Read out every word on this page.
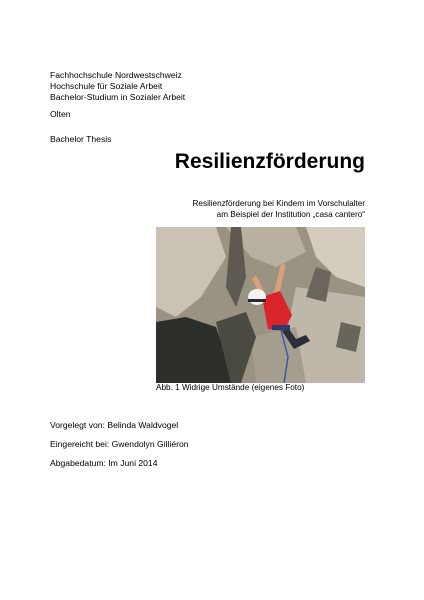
Fachhochschule Nordwestschweiz
Hochschule für Soziale Arbeit
Bachelor-Studium in Sozialer Arbeit
Olten
Bachelor Thesis
Resilienzförderung
Resilienzförderung bei Kindern im Vorschulalter
am Beispiel der Institution „casa cantero“
Abb. 1 Widrige Umstände (eigenes Foto)
Vorgelegt von: Belinda Waldvogel
Eingereicht bei: Gwendolyn Gilliéron
Abgabedatum: Im Juni 2014
